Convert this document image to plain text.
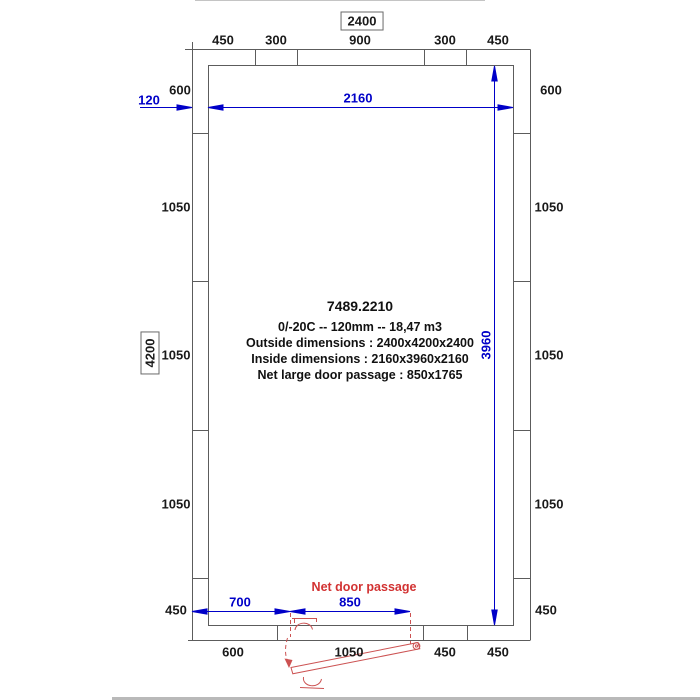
2400
4200
450 300	900	300 450
600
1050
1050
1050
450
600
1050
1050
1050
450
600	1050	450 450
120	2160
3960
700	850
Net door passage
7489.2210
0/-20C -- 120mm -- 18,47 m3
Outside dimensions : 2400x4200x2400
Inside dimensions : 2160x3960x2160
Net large door passage : 850x1765
